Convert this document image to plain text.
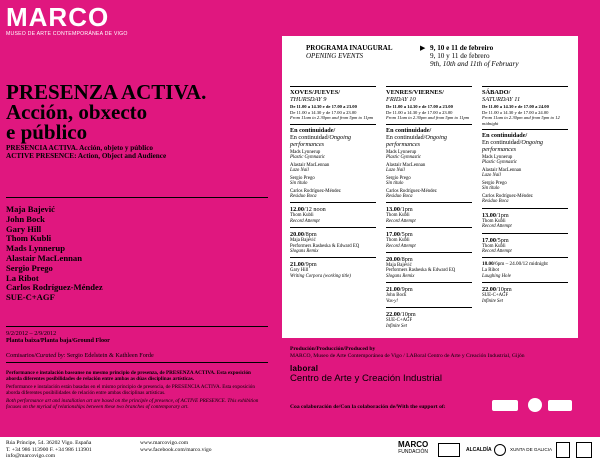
MARCO
MUSEO DE ARTE CONTEMPORÁNEA DE VIGO
PRESENZA ACTIVA.
Acción, obxecto
e público
PRESENCIA ACTIVA. Acción, objeto y público
ACTIVE PRESENCE: Action, Object and Audience
Maja Bajević
John Bock
Gary Hill
Thom Kubli
Mads Lynnerup
Alastair MacLennan
Sergio Prego
La Ribot
Carlos Rodríguez-Méndez
SUE-C+AGF
9/2/2012 – 2/9/2012
Planta baixa/Planta baja/Ground Floor
Comisarios/Curated by: Sergio Edelstein & Kathleen Forde

Performance e instalación baseanse no mesmo principio de presenza, de PRESENZA ACTIVA. Esta exposición aborda diferentes posibilidades de relación entre ambas as dúas disciplinas artísticas.

Performance e instalación están basadas en el mismo principio de presencia, de PRESENCIA ACTIVA. Esta exposición aborda diferentes posibilidades de relación entre ambas disciplinas artísticas.

Both performance art and installation art are based on the principle of presence, of ACTIVE PRESENCE. This exhibition focuses on the myriad of relationships between these two branches of contemporary art.

PROGRAMA INAUGURAL
OPENING EVENTS
▶ 9, 10 e 11 de febreiro
9, 10 y 11 de febrero
9th, 10th and 11th of February
XOVES/JUEVES/
THURSDAY 9
De 11.00 a 14.30 e de 17.00 a 23.00
De 11.00 a 14.30 y de 17.00 a 23.00
From 11am to 2.30pm and from 5pm to 11pm
En continuidade/
En continuidad/Ongoing performances
Mads Lynnerup
Plastic Gymnastic
Alastair MacLennan
Lazo Nail
Sergio Prego
Sin título
Carlos Rodríguez-Méndez
Residuo Boca
12.00/12 noon
Thom Kubli
Record Attempt
20.00/8pm
Maja Bajević
Performers Rasheska & Edward EQ
Slogans Remix
21.00/9pm
Gary Hill
Writing Corpora (working title)
VENRES/VIERNES/
FRIDAY 10
De 11.00 a 14.30 e de 17.00 a 23.00
De 11.00 a 14.30 y de 17.00 a 23.00
From 11am to 2.30pm and from 5pm to 11pm
En continuidade/
En continuidad/Ongoing performances
Mads Lynnerup
Plastic Gymnastic
Alastair MacLennan
Lazo Nail
Sergio Prego
Sin título
Carlos Rodríguez-Méndez
Residuo Boca
13.00/1pm
Thom Kubli
Record Attempt
17.00/5pm
Thom Kubli
Record Attempt
20.00/8pm
Maja Bajević
Performers Rasheska & Edward EQ
Slogans Remix
21.00/9pm
John Bock
Vas-y!
22.00/10pm
SUE-C+AGF
Infinite Set
SÁBADO/
SATURDAY 11
De 11.00 a 14.30 e de 17.00 a 24.00
De 11.00 a 14.30 y de 17.00 a 24.00
From 11am to 2.30pm and from 5pm to 12 midnight
En continuidade/
En continuidad/Ongoing performances
Mads Lynnerup
Plastic Gymnastic
Alastair MacLennan
Lazo Nail
Sergio Prego
Sin título
Carlos Rodríguez-Méndez
Residuo Boca
13.00/1pm
Thom Kubli
Record Attempt
17.00/5pm
Thom Kubli
Record Attempt
18.00/6pm – 24.00/12 midnight
La Ribot
Laughing Hole
22.00/10pm
SUE-C+AGF
Infinite Set
Produción/Producción/Produced by
MARCO, Museo de Arte Contemporánea de Vigo / LABoral Centro de Arte y Creación Industrial, Gijón
laboral
Centro de Arte y Creación Industrial
Coa colaboración de/Con la colaboración de/With the support of:
Rúa Príncipe, 54. 36202 Vigo. España
T. +34 986 113900 F. +34 986 113901
info@marcovigo.com
www.marcovigo.com
www.facebook.com/marco.vigo
MARCO
FUNDACIÓN	ALCALDÍA	XUNTA DE GALICIA
